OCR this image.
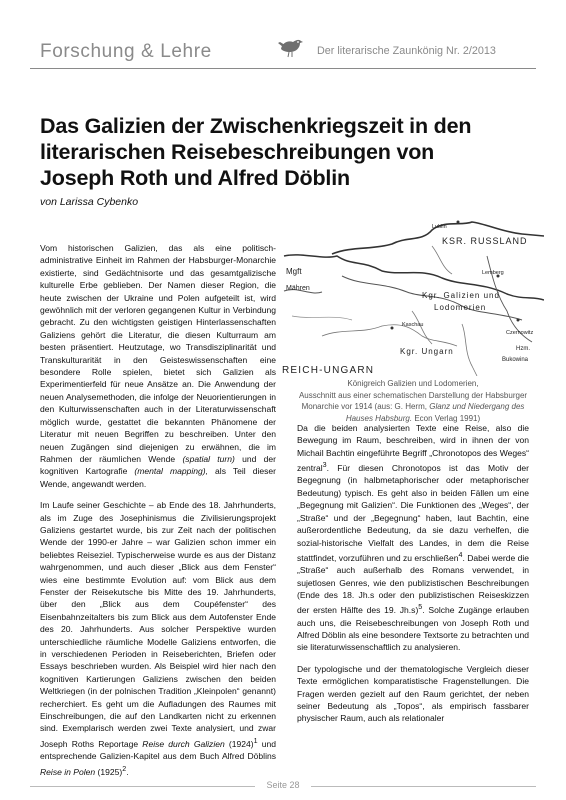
Forschung & Lehre	Der literarische Zaunkönig Nr. 2/2013
Das Galizien der Zwischenkriegszeit in den literarischen Reisebeschreibungen von Joseph Roth und Alfred Döblin
von Larissa Cybenko

Vom historischen Galizien, das als eine politisch-administrative Einheit im Rahmen der Habsburger-Monarchie existierte, sind Gedächtnisorte und das gesamtgalizische kulturelle Erbe geblieben. Der Namen dieser Region, die heute zwischen der Ukraine und Polen aufgeteilt ist, wird gewöhnlich mit der verloren gegangenen Kultur in Verbindung gebracht. Zu den wichtigsten geistigen Hinterlassenschaften Galiziens gehört die Literatur, die diesen Kulturraum am besten präsentiert. Heutzutage, wo Transdisziplinarität und Transkulturarität in den Geisteswissenschaften eine besondere Rolle spielen, bietet sich Galizien als Experimentierfeld für neue Ansätze an. Die Anwendung der neuen Analysemethoden, die infolge der Neuorientierungen in den Kulturwissenschaften auch in der Literaturwissenschaft möglich wurde, gestattet die bekannten Phänomene der Literatur mit neuen Begriffen zu beschreiben. Unter den neuen Zugängen sind diejenigen zu erwähnen, die im Rahmen der räumlichen Wende (spatial turn) und der kognitiven Kartografie (mental mapping), als Teil dieser Wende, angewandt werden.

Im Laufe seiner Geschichte – ab Ende des 18. Jahrhunderts, als im Zuge des Josephinismus die Zivilisierungsprojekt Galiziens gestartet wurde, bis zur Zeit nach der politischen Wende der 1990-er Jahre – war Galizien schon immer ein beliebtes Reiseziel. Typischerweise wurde es aus der Distanz wahrgenommen, und auch dieser „Blick aus dem Fenster“ wies eine bestimmte Evolution auf: vom Blick aus dem Fenster der Reisekutsche bis Mitte des 19. Jahrhunderts, über den „Blick aus dem Coupéfenster“ des Eisenbahnzeitalters bis zum Blick aus dem Autofenster Ende des 20. Jahrhunderts. Aus solcher Perspektive wurden unterschiedliche räumliche Modelle Galiziens entworfen, die in verschiedenen Perioden in Reiseberichten, Briefen oder Essays beschrieben wurden. Als Beispiel wird hier nach den kognitiven Kartierungen Galiziens zwischen den beiden Weltkriegen (in der polnischen Tradition „Kleinpolen“ genannt) recherchiert. Es geht um die Aufladungen des Raumes mit Einschreibungen, die auf den Landkarten nicht zu erkennen sind. Exemplarisch werden zwei Texte analysiert, und zwar Joseph Roths Reportage Reise durch Galizien $(1924)^1$ und entsprechende Galizien-Kapitel aus dem Buch Alfred Döblins Reise in Polen $(1925)^2$.

Lublin
KSR. RUSSLAND
Lemberg
Kgr. Galizien und
Lodomerien
Mgft
Mähren
Kaschau
Kgr. Ungarn
Czernowitz
Hzm.
Bukowina
REICH-UNGARN
Königreich Galizien und Lodomerien,
Ausschnitt aus einer schematischen Darstellung der Habsburger Monarchie vor 1914 (aus: G. Herm, Glanz und Niedergang des Hauses Habsburg. Econ Verlag 1991)

Da die beiden analysierten Texte eine Reise, also die Bewegung im Raum, beschreiben, wird in ihnen der von Michail Bachtin eingeführte Begriff „Chronotopos des Weges“ zentral$^3$. Für diesen Chronotopos ist das Motiv der Begegnung (in halbmetaphorischer oder metaphorischer Bedeutung) typisch. Es geht also in beiden Fällen um eine „Begegnung mit Galizien“. Die Funktionen des „Weges“, der „Straße“ und der „Begegnung“ haben, laut Bachtin, eine außerordentliche Bedeutung, da sie dazu verhelfen, die sozial-historische Vielfalt des Landes, in dem die Reise stattfindet, vorzuführen und zu erschließen$^4$. Dabei werde die „Straße“ auch außerhalb des Romans verwendet, in sujetlosen Genres, wie den publizistischen Beschreibungen (Ende des 18. Jh.s oder den publizistischen Reiseskizzen der ersten Hälfte des 19. Jh.s)$^5$. Solche Zugänge erlauben auch uns, die Reisebeschreibungen von Joseph Roth und Alfred Döblin als eine besondere Textsorte zu betrachten und sie literaturwissenschaftlich zu analysieren.

Der typologische und der thematologische Vergleich dieser Texte ermöglichen komparatistische Fragenstellungen. Die Fragen werden gezielt auf den Raum gerichtet, der neben seiner Bedeutung als „Topos“, als empirisch fassbarer physischer Raum, auch als relationaler

Seite 28
